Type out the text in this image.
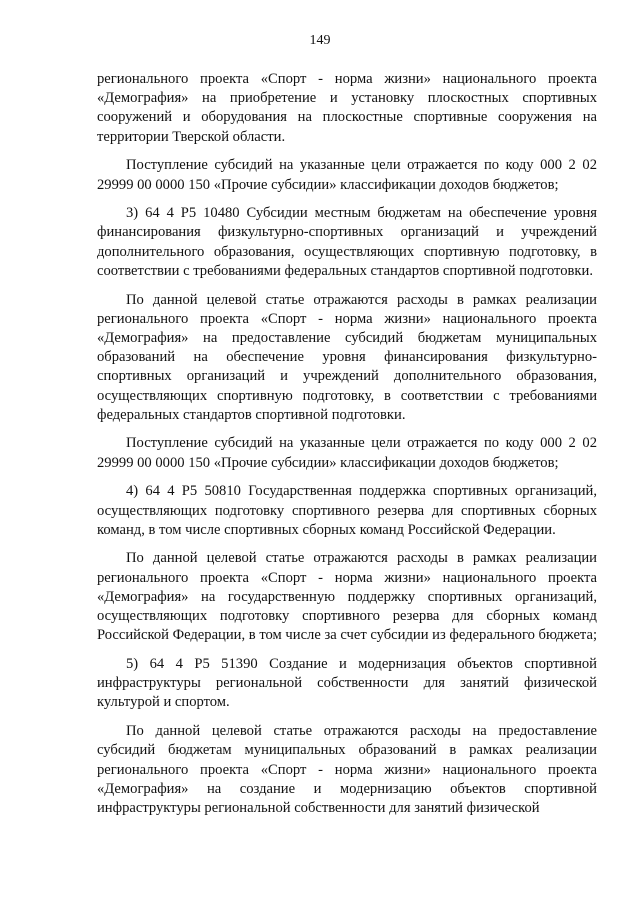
149

регионального проекта «Спорт - норма жизни» национального проекта «Демография» на приобретение и установку плоскостных спортивных сооружений и оборудования на плоскостные спортивные сооружения на территории Тверской области.

Поступление субсидий на указанные цели отражается по коду 000 2 02 29999 00 0000 150 «Прочие субсидии» классификации доходов бюджетов;

3) 64 4 Р5 10480 Субсидии местным бюджетам на обеспечение уровня финансирования физкультурно-спортивных организаций и учреждений дополнительного образования, осуществляющих спортивную подготовку, в соответствии с требованиями федеральных стандартов спортивной подготовки.

По данной целевой статье отражаются расходы в рамках реализации регионального проекта «Спорт - норма жизни» национального проекта «Демография» на предоставление субсидий бюджетам муниципальных образований на обеспечение уровня финансирования физкультурно-спортивных организаций и учреждений дополнительного образования, осуществляющих спортивную подготовку, в соответствии с требованиями федеральных стандартов спортивной подготовки.

Поступление субсидий на указанные цели отражается по коду 000 2 02 29999 00 0000 150 «Прочие субсидии» классификации доходов бюджетов;

4) 64 4 Р5 50810 Государственная поддержка спортивных организаций, осуществляющих подготовку спортивного резерва для спортивных сборных команд, в том числе спортивных сборных команд Российской Федерации.

По данной целевой статье отражаются расходы в рамках реализации регионального проекта «Спорт - норма жизни» национального проекта «Демография» на государственную поддержку спортивных организаций, осуществляющих подготовку спортивного резерва для сборных команд Российской Федерации, в том числе за счет субсидии из федерального бюджета;

5) 64 4 Р5 51390 Создание и модернизация объектов спортивной инфраструктуры региональной собственности для занятий физической культурой и спортом.

По данной целевой статье отражаются расходы на предоставление субсидий бюджетам муниципальных образований в рамках реализации регионального проекта «Спорт - норма жизни» национального проекта «Демография» на создание и модернизацию объектов спортивной инфраструктуры региональной собственности для занятий физической
